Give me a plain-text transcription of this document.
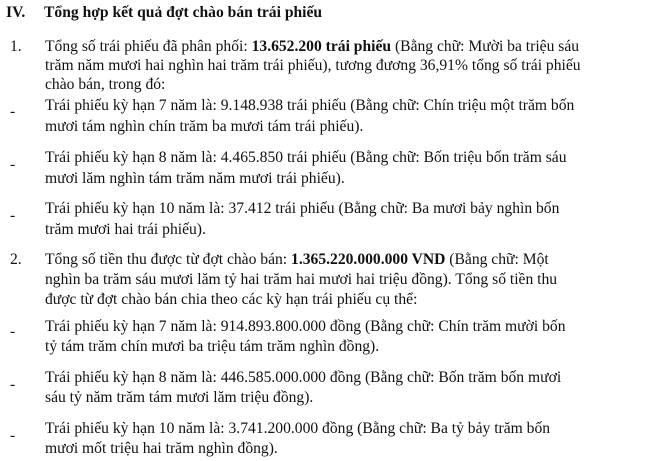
IV. Tổng hợp kết quả đợt chào bán trái phiếu
1. Tổng số trái phiếu đã phân phối: 13.652.200 trái phiếu (Bằng chữ: Mười ba triệu sáu
trăm năm mươi hai nghìn hai trăm trái phiếu), tương đương 36,91% tổng số trái phiếu
chào bán, trong đó:
- Trái phiếu kỳ hạn 7 năm là: 9.148.938 trái phiếu (Bằng chữ: Chín triệu một trăm bốn
mươi tám nghìn chín trăm ba mươi tám trái phiếu).
- Trái phiếu kỳ hạn 8 năm là: 4.465.850 trái phiếu (Bằng chữ: Bốn triệu bốn trăm sáu
mươi lăm nghìn tám trăm năm mươi trái phiếu).
- Trái phiếu kỳ hạn 10 năm là: 37.412 trái phiếu (Bằng chữ: Ba mươi bảy nghìn bốn
trăm mươi hai trái phiếu).
2. Tổng số tiền thu được từ đợt chào bán: 1.365.220.000.000 VND (Bằng chữ: Một
nghìn ba trăm sáu mươi lăm tỷ hai trăm hai mươi hai triệu đồng). Tổng số tiền thu
được từ đợt chào bán chia theo các kỳ hạn trái phiếu cụ thể:
- Trái phiếu kỳ hạn 7 năm là: 914.893.800.000 đồng (Bằng chữ: Chín trăm mười bốn
tỷ tám trăm chín mươi ba triệu tám trăm nghìn đồng).
- Trái phiếu kỳ hạn 8 năm là: 446.585.000.000 đồng (Bằng chữ: Bốn trăm bốn mươi
sáu tỷ năm trăm tám mươi lăm triệu đồng).
- Trái phiếu kỳ hạn 10 năm là: 3.741.200.000 đồng (Bằng chữ: Ba tỷ bảy trăm bốn
mươi mốt triệu hai trăm nghìn đồng).
